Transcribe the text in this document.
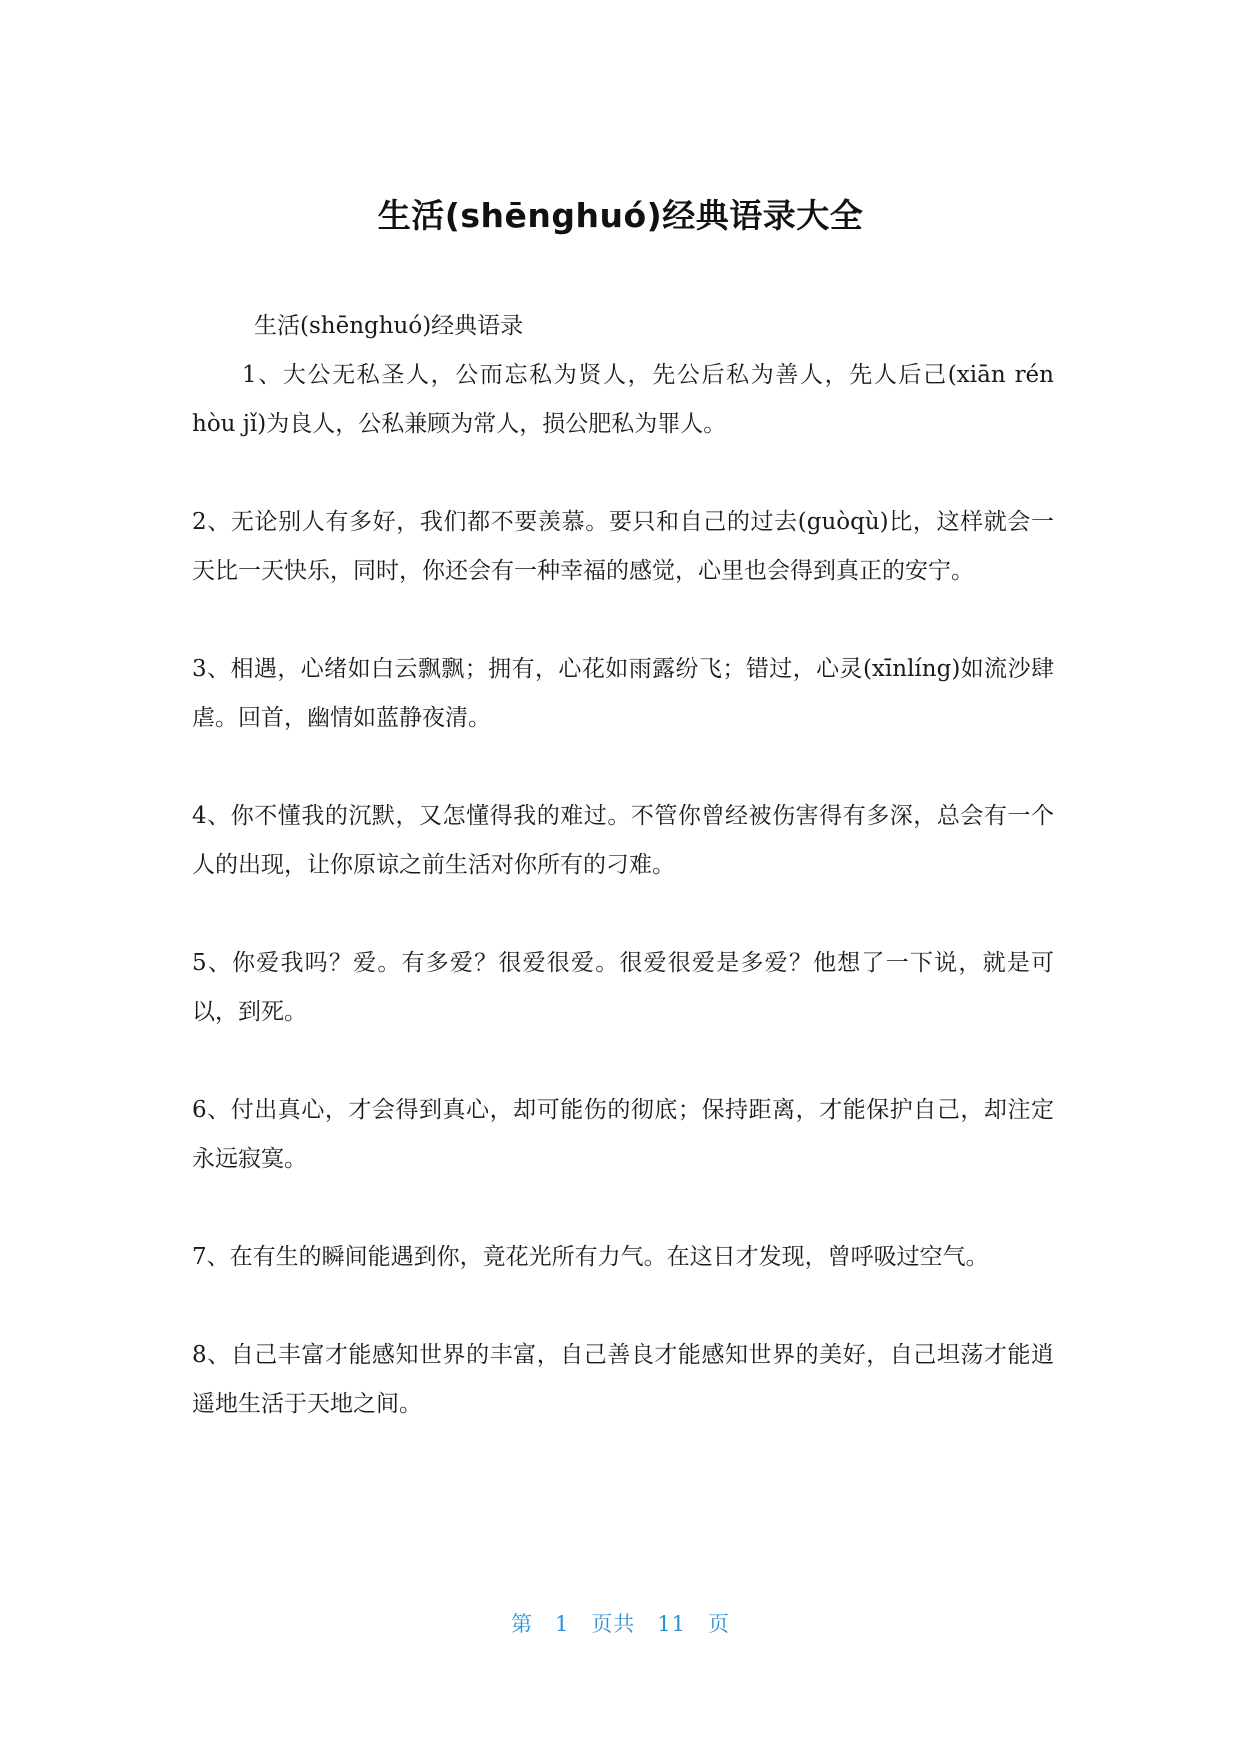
生活(shēnghuó)经典语录大全

生活(shēnghuó)经典语录

1、大公无私圣人，公而忘私为贤人，先公后私为善人，先人后己(xiān rén hòu jǐ)为良人，公私兼顾为常人，损公肥私为罪人。

2、无论别人有多好，我们都不要羡慕。要只和自己的过去(guòqù)比，这样就会一天比一天快乐，同时，你还会有一种幸福的感觉，心里也会得到真正的安宁。

3、相遇，心绪如白云飘飘；拥有，心花如雨露纷飞；错过，心灵(xīnlíng)如流沙肆虐。回首，幽情如蓝静夜清。

4、你不懂我的沉默，又怎懂得我的难过。不管你曾经被伤害得有多深，总会有一个人的出现，让你原谅之前生活对你所有的刁难。

5、你爱我吗？爱。有多爱？很爱很爱。很爱很爱是多爱？他想了一下说，就是可以，到死。

6、付出真心，才会得到真心，却可能伤的彻底；保持距离，才能保护自己，却注定永远寂寞。

7、在有生的瞬间能遇到你，竟花光所有力气。在这日才发现，曾呼吸过空气。

8、自己丰富才能感知世界的丰富，自己善良才能感知世界的美好，自己坦荡才能逍遥地生活于天地之间。

第 1 页共 11 页
